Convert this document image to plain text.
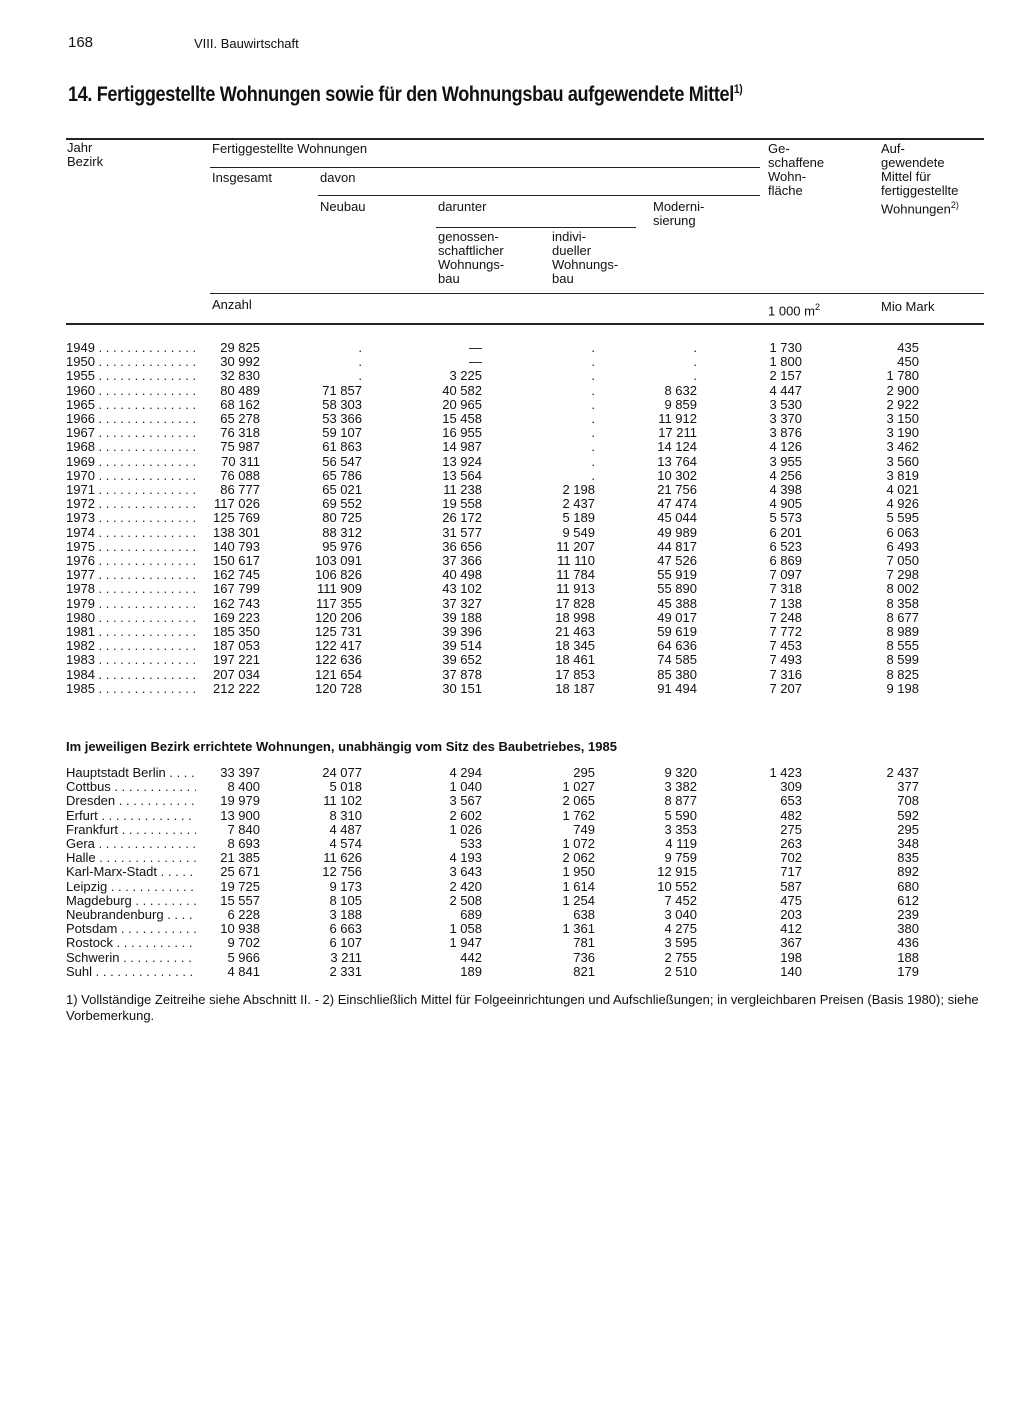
168	VIII. Bauwirtschaft
14. Fertiggestellte Wohnungen sowie für den Wohnungsbau aufgewendete Mittel$^{1)}$
Jahr
Bezirk
Fertiggestellte Wohnungen
Insgesamt	davon
Neubau	darunter
genossen-
schaftlicher
Wohnungs-
bau
indivi-
dueller
Wohnungs-
bau
Moderni-
sierung
Ge-
schaffene
Wohn-
fläche
Auf-
gewendete
Mittel für
fertiggestellte
Wohnungen$^{2)}$
Anzahl	1 000 $m^2$	Mio Mark
1949 . . .	29 825	.	—	.	.	1 730	435
1950 . . .	30 992	.	—	.	.	1 800	450
1955 . . .	32 830	.	3 225	.	.	2 157	1 780
1960 . . .	80 489	71 857	40 582	.	8 632	4 447	2 900
1965 . . .	68 162	58 303	20 965	.	9 859	3 530	2 922
1966 . . .	65 278	53 366	15 458	.	11 912	3 370	3 150
1967 . . .	76 318	59 107	16 955	.	17 211	3 876	3 190
1968 . . .	75 987	61 863	14 987	.	14 124	4 126	3 462
1969 . . .	70 311	56 547	13 924	.	13 764	3 955	3 560
1970 . . .	76 088	65 786	13 564	.	10 302	4 256	3 819
1971 . . .	86 777	65 021	11 238	2 198	21 756	4 398	4 021
1972 . . .	117 026	69 552	19 558	2 437	47 474	4 905	4 926
1973 . . .	125 769	80 725	26 172	5 189	45 044	5 573	5 595
1974 . . .	138 301	88 312	31 577	9 549	49 989	6 201	6 063
1975 . . .	140 793	95 976	36 656	11 207	44 817	6 523	6 493
1976 . . .	150 617	103 091	37 366	11 110	47 526	6 869	7 050
1977 . . .	162 745	106 826	40 498	11 784	55 919	7 097	7 298
1978 . . .	167 799	111 909	43 102	11 913	55 890	7 318	8 002
1979 . . .	162 743	117 355	37 327	17 828	45 388	7 138	8 358
1980 . . .	169 223	120 206	39 188	18 998	49 017	7 248	8 677
1981 . . .	185 350	125 731	39 396	21 463	59 619	7 772	8 989
1982 . . .	187 053	122 417	39 514	18 345	64 636	7 453	8 555
1983 . . .	197 221	122 636	39 652	18 461	74 585	7 493	8 599
1984 . . .	207 034	121 654	37 878	17 853	85 380	7 316	8 825
1985 . . .	212 222	120 728	30 151	18 187	91 494	7 207	9 198
Im jeweiligen Bezirk errichtete Wohnungen, unabhängig vom Sitz des Baubetriebes, 1985
Hauptstadt Berlin . . .	33 397	24 077	4 294	295	9 320	1 423	2 437
Cottbus . . .	8 400	5 018	1 040	1 027	3 382	309	377
Dresden . . .	19 979	11 102	3 567	2 065	8 877	653	708
Erfurt . . .	13 900	8 310	2 602	1 762	5 590	482	592
Frankfurt . . .	7 840	4 487	1 026	749	3 353	275	295
Gera . . .	8 693	4 574	533	1 072	4 119	263	348
Halle . . .	21 385	11 626	4 193	2 062	9 759	702	835
Karl-Marx-Stadt . . .	25 671	12 756	3 643	1 950	12 915	717	892
Leipzig . . .	19 725	9 173	2 420	1 614	10 552	587	680
Magdeburg . . .	15 557	8 105	2 508	1 254	7 452	475	612
Neubrandenburg . . .	6 228	3 188	689	638	3 040	203	239
Potsdam . . .	10 938	6 663	1 058	1 361	4 275	412	380
Rostock . . .	9 702	6 107	1 947	781	3 595	367	436
Schwerin . . .	5 966	3 211	442	736	2 755	198	188
Suhl . . .	4 841	2 331	189	821	2 510	140	179
1) Vollständige Zeitreihe siehe Abschnitt II. - 2) Einschließlich Mittel für Folgeeinrichtungen und Aufschließungen; in vergleichbaren Preisen (Basis 1980); siehe Vorbemerkung.
